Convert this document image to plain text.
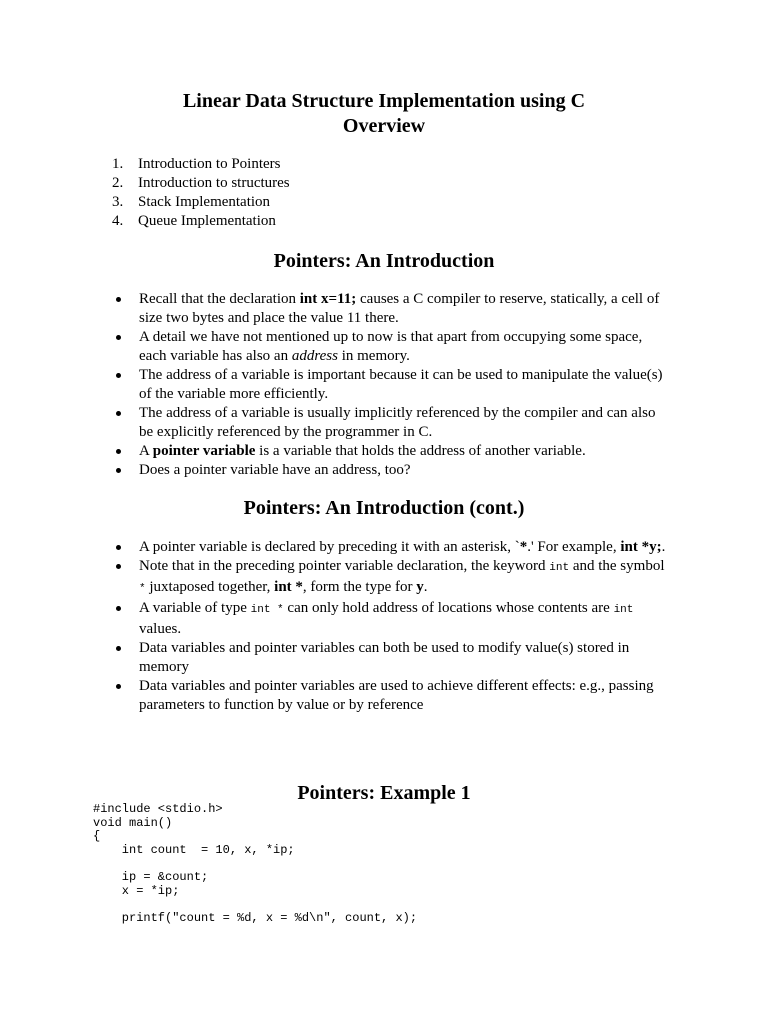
Linear Data Structure Implementation using C
Overview
1. Introduction to Pointers
2. Introduction to structures
3. Stack Implementation
4. Queue Implementation
Pointers: An Introduction
Recall that the declaration int x=11; causes a C compiler to reserve, statically, a cell of size two bytes and place the value 11 there.
A detail we have not mentioned up to now is that apart from occupying some space, each variable has also an address in memory.
The address of a variable is important because it can be used to manipulate the value(s) of the variable more efficiently.
The address of a variable is usually implicitly referenced by the compiler and can also be explicitly referenced by the programmer in C.
A pointer variable is a variable that holds the address of another variable.
Does a pointer variable have an address, too?
Pointers: An Introduction (cont.)
A pointer variable is declared by preceding it with an asterisk, `*.' For example, int *y;.
Note that in the preceding pointer variable declaration, the keyword int and the symbol * juxtaposed together, int *, form the type for y.
A variable of type int * can only hold address of locations whose contents are int values.
Data variables and pointer variables can both be used to modify value(s) stored in memory
Data variables and pointer variables are used to achieve different effects: e.g., passing parameters to function by value or by reference
Pointers: Example 1
#include <stdio.h>
void main()
{
int count  = 10, x, *ip;

ip = &count;
x = *ip;

printf("count = %d, x = %d\n", count, x);
